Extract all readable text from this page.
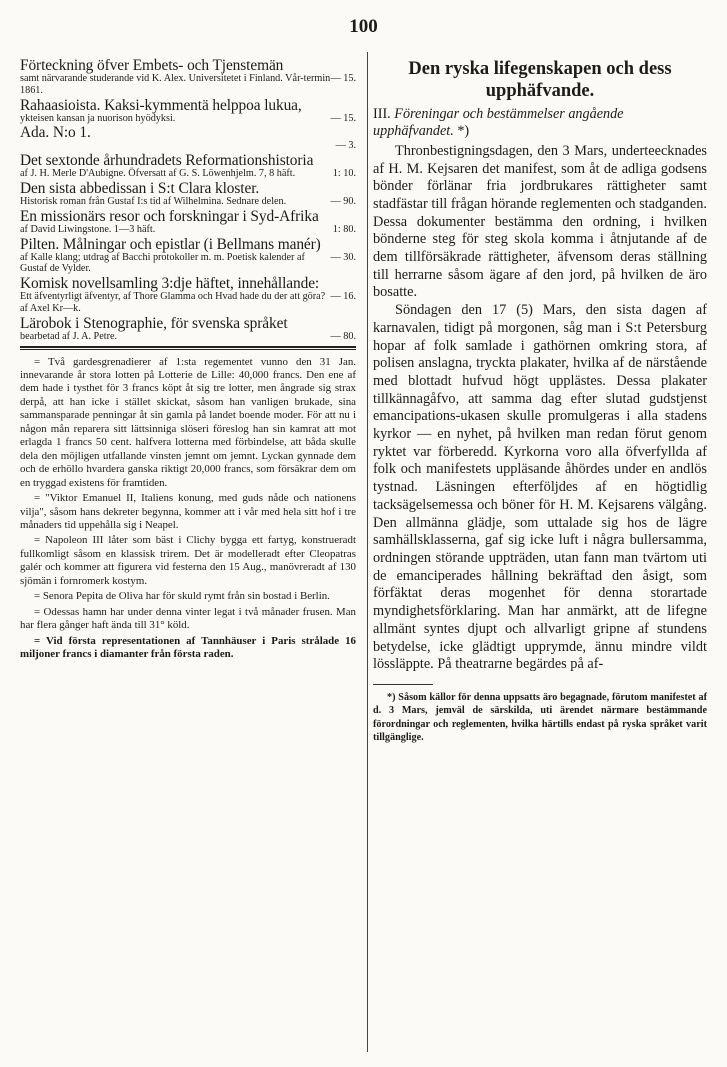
100
Förteckning öfver Embets- och Tjenstemän
— 15.
samt närvarande studerande vid K. Alex. Universitetet i Finland. Vår-termin 1861.
Rahaasioista. Kaksi-kymmentä helppoa lukua,
— 15.
ykteisen kansan ja nuorison hyödyksi.
Ada. N:o 1.
— 3.
Det sextonde århundradets Reformationshistoria
1: 10.
af J. H. Merle D'Aubigne. Öfversatt af G. S. Löwenhjelm. 7, 8 häft.
Den sista abbedissan i S:t Clara kloster.
— 90.
Historisk roman från Gustaf I:s tid af Wilhelmina. Sednare delen.
En missionärs resor och forskningar i Syd-Afrika
1: 80.
af David Liwingstone. 1—3 häft.
Pilten. Målningar och epistlar (i Bellmans manér)
— 30.
af Kalle klang; utdrag af Bacchi protokoller m. m. Poetisk kalender af Gustaf de Vylder.
Komisk novellsamling 3:dje häftet, innehållande:
— 16.
Ett äfventyrligt äfventyr, af Thore Glamma och Hvad hade du der att göra? af Axel Kr—k.
Lärobok i Stenographie, för svenska språket
— 80.
bearbetad af J. A. Petre.

= Två gardesgrenadierer af 1:sta regementet vunno den 31 Jan. innevarande år stora lotten på Lotterie de Lille: 40,000 francs. Den ene af dem hade i tysthet för 3 francs köpt åt sig tre lotter, men ångrade sig strax derpå, att han icke i stället skickat, såsom han vanligen brukade, sina sammansparade penningar åt sin gamla på landet boende moder. För att nu i någon mån reparera sitt lättsinniga slöseri föreslog han sin kamrat att mot erlagda 1 francs 50 cent. halfvera lotterna med förbindelse, att båda skulle dela den möjligen utfallande vinsten jemnt om jemnt. Lyckan gynnade dem och de erhöllo hvardera ganska riktigt 20,000 francs, som försäkrar dem om en tryggad existens för framtiden.

= "Viktor Emanuel II, Italiens konung, med guds nåde och nationens vilja", såsom hans dekreter begynna, kommer att i vår med hela sitt hof i tre månaders tid uppehålla sig i Neapel.

= Napoleon III låter som bäst i Clichy bygga ett fartyg, konstrueradt fullkomligt såsom en klassisk trirem. Det är modelleradt efter Cleopatras galér och kommer att figurera vid festerna den 15 Aug., manövreradt af 130 sjömän i fornromerk kostym.

= Senora Pepita de Oliva har för skuld rymt från sin bostad i Berlin.

= Odessas hamn har under denna vinter legat i två månader frusen. Man har flera gånger haft ända till 31° köld.

= Vid första representationen af Tannhäuser i Paris strålade 16 miljoner francs i diamanter från första raden.

Den ryska lifegenskapen och dess upphäfvande.
III. Föreningar och bestämmelser angående upphäfvandet. *)

Thronbestigningsdagen, den 3 Mars, underteecknades af H. M. Kejsaren det manifest, som åt de adliga godsens bönder förlänar fria jordbrukares rättigheter samt stadfästar till frågan hörande reglementen och stadganden. Dessa dokumenter bestämma den ordning, i hvilken bönderne steg för steg skola komma i åtnjutande af de dem tillförsäkrade rättigheter, äfvensom deras ställning till herrarne såsom ägare af den jord, på hvilken de äro bosatte.

Söndagen den 17 (5) Mars, den sista dagen af karnavalen, tidigt på morgonen, såg man i S:t Petersburg hopar af folk samlade i gathörnen omkring stora, af polisen anslagna, tryckta plakater, hvilka af de närstående med blottadt hufvud högt upplästes. Dessa plakater tillkännagåfvo, att samma dag efter slutad gudstjenst emancipations-ukasen skulle promulgeras i alla stadens kyrkor — en nyhet, på hvilken man redan förut genom ryktet var förberedd. Kyrkorna voro alla öfverfyllda af folk och manifestets uppläsande åhördes under en andlös tystnad. Läsningen efterföljdes af en högtidlig tacksägelsemessa och böner för H. M. Kejsarens välgång. Den allmänna glädje, som uttalade sig hos de lägre samhällsklasserna, gaf sig icke luft i några bullersamma, ordningen störande uppträden, utan fann man tvärtom uti de emanciperades hållning bekräftad den åsigt, som förfäktat deras mogenhet för denna storartade myndighetsförklaring. Man har anmärkt, att de lifegne allmänt syntes djupt och allvarligt gripne af stundens betydelse, icke glädtigt upprymde, ännu mindre vildt lössläppte. På theatrarne begärdes på af-

*) Såsom källor för denna uppsatts äro begagnade, förutom manifestet af d. 3 Mars, jemväl de särskilda, uti ärendet närmare bestämmande förordningar och reglementen, hvilka härtills endast på ryska språket varit tillgänglige.
